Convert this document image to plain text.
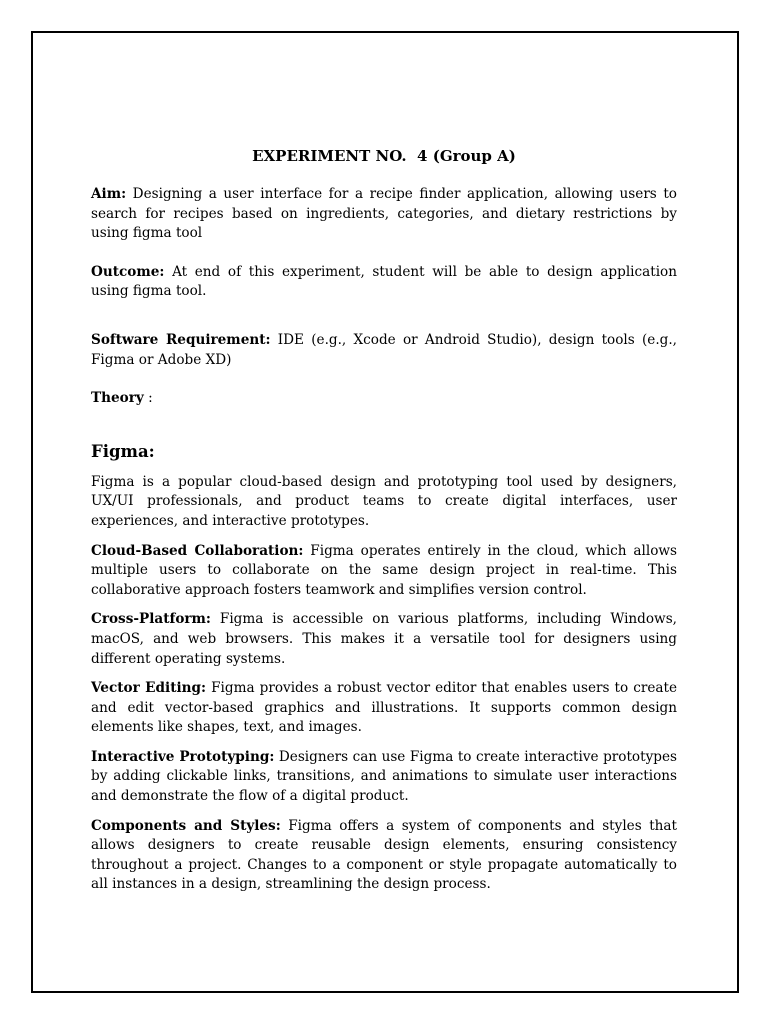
EXPERIMENT NO.  4 (Group A)

Aim: Designing a user interface for a recipe finder application, allowing users to search for recipes based on ingredients, categories, and dietary restrictions by using figma tool

Outcome: At end of this experiment, student will be able to design application using figma tool.

Software Requirement: IDE (e.g., Xcode or Android Studio), design tools (e.g., Figma or Adobe XD)

Theory :

Figma:

Figma is a popular cloud-based design and prototyping tool used by designers, UX/UI professionals, and product teams to create digital interfaces, user experiences, and interactive prototypes.

Cloud-Based Collaboration: Figma operates entirely in the cloud, which allows multiple users to collaborate on the same design project in real-time. This collaborative approach fosters teamwork and simplifies version control.

Cross-Platform: Figma is accessible on various platforms, including Windows, macOS, and web browsers. This makes it a versatile tool for designers using different operating systems.

Vector Editing: Figma provides a robust vector editor that enables users to create and edit vector-based graphics and illustrations. It supports common design elements like shapes, text, and images.

Interactive Prototyping: Designers can use Figma to create interactive prototypes by adding clickable links, transitions, and animations to simulate user interactions and demonstrate the flow of a digital product.

Components and Styles: Figma offers a system of components and styles that allows designers to create reusable design elements, ensuring consistency throughout a project. Changes to a component or style propagate automatically to all instances in a design, streamlining the design process.
